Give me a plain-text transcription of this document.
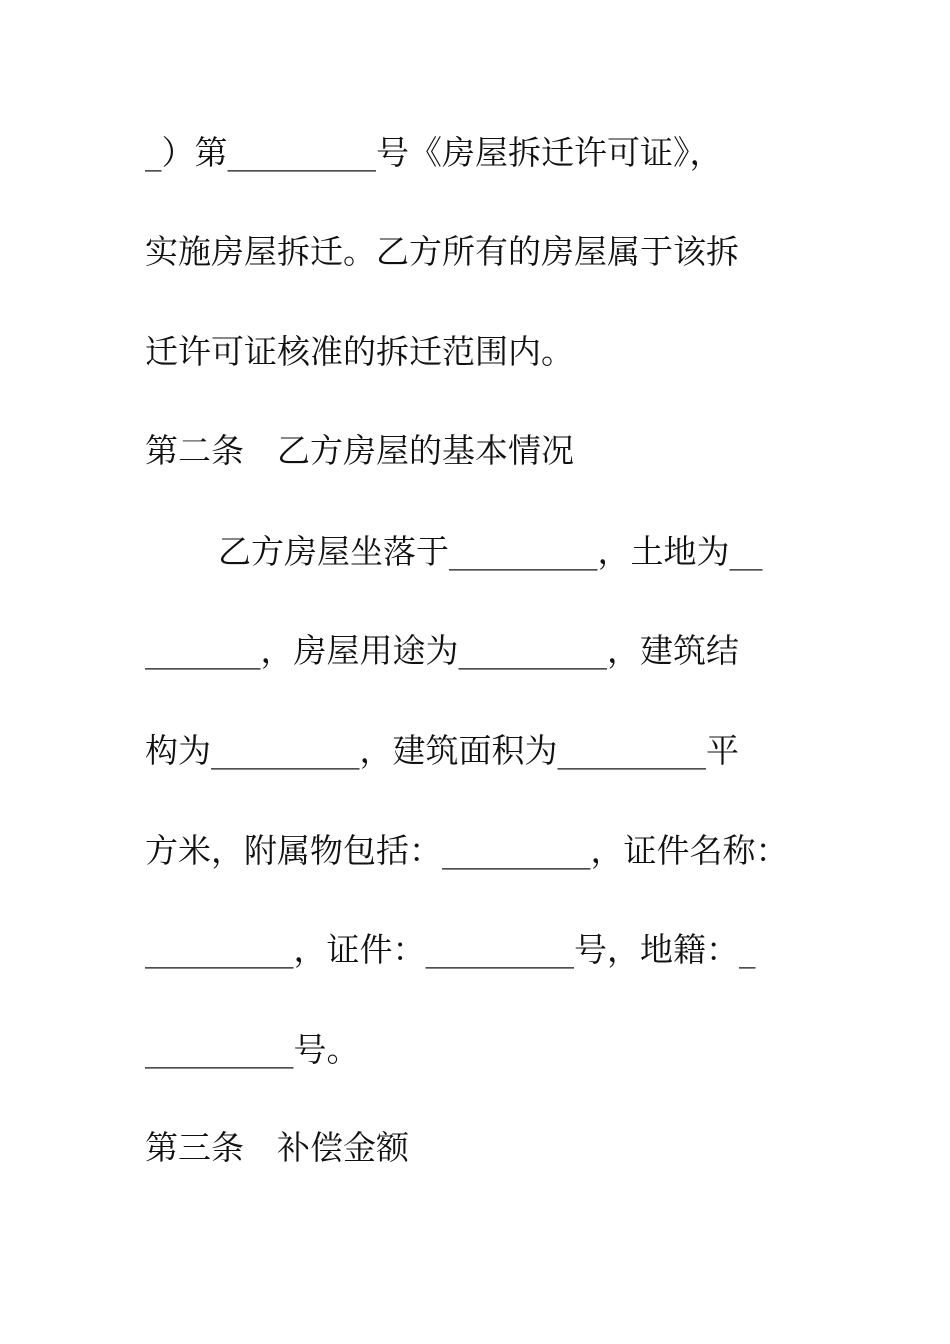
_）第_________号《房屋拆迁许可证》，
实施房屋拆迁。乙方所有的房屋属于该拆
迁许可证核准的拆迁范围内。
第二条　乙方房屋的基本情况
乙方房屋坐落于_________，土地为__
_______，房屋用途为_________，建筑结
构为_________，建筑面积为_________平
方米，附属物包括：_________，证件名称：
_________，证件：_________号，地籍：_
_________号。
第三条　补偿金额
